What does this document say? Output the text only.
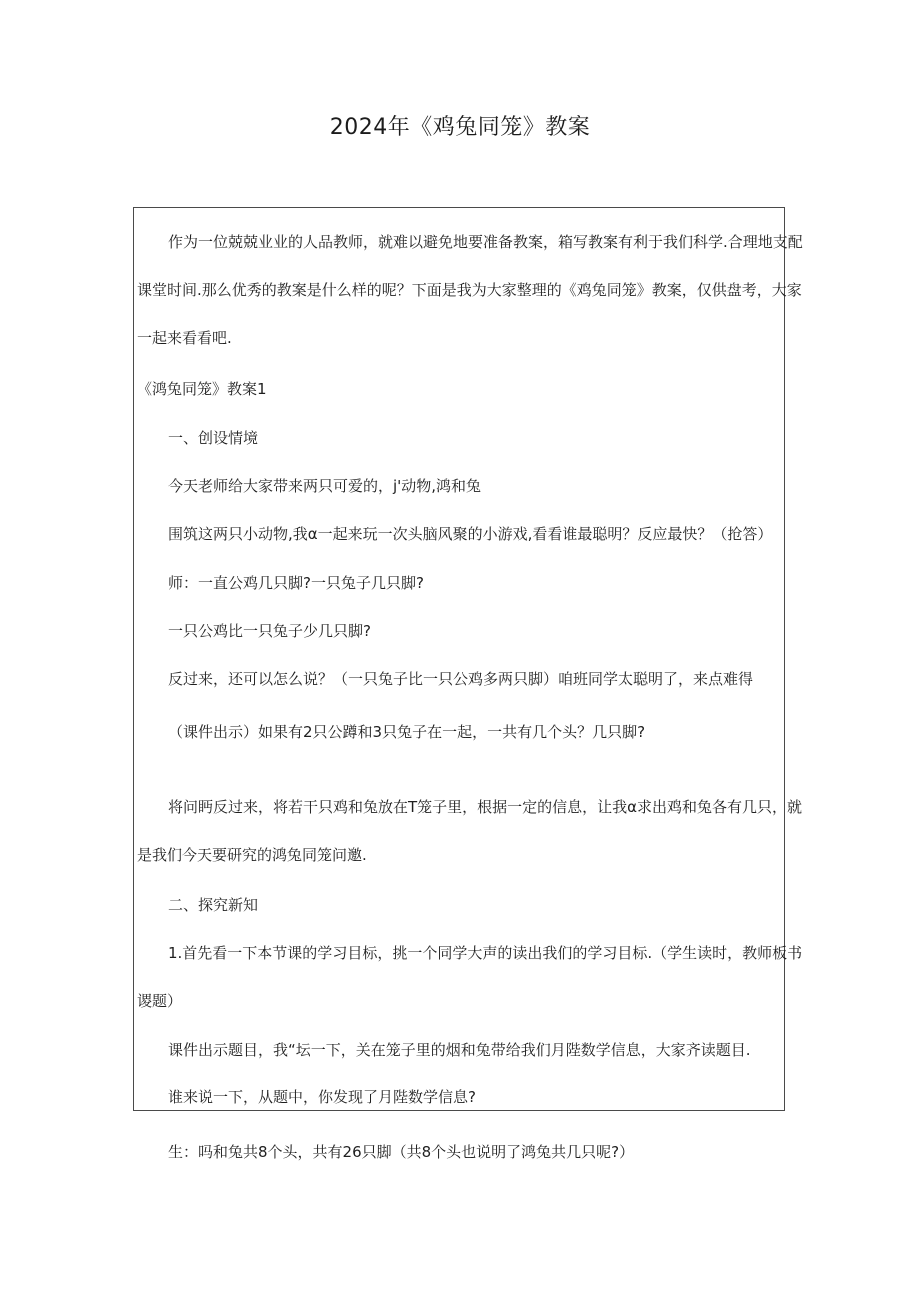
2024年《鸡兔同笼》教案
作为一位兢兢业业的人品教师，就难以避免地要准备教案，箱写教案有利于我们科学.合理地支配
课堂时间.那么优秀的教案是什么样的呢？下面是我为大家整理的《鸡兔同笼》教案，仅供盘考，大家
一起来看看吧.
《鸿兔同笼》教案1
一、创设情境
今天老师给大家带来两只可爱的，j'动物,鸿和兔
围筑这两只小动物,我α一起来玩一次头脑风聚的小游戏,看看谁最聪明？反应最快？（抢答）
师：一直公鸡几只脚?一只兔子几只脚?
一只公鸡比一只兔子少几只脚?
反过来，还可以怎么说？（一只兔子比一只公鸡多两只脚）咱班同学太聪明了，来点难得
（课件出示）如果有2只公蹲和3只兔子在一起，一共有几个头？几只脚?
将问眄反过来，将若干只鸡和兔放在T笼子里，根据一定的信息，让我α求出鸡和兔各有几只，就
是我们今天要研究的鸿兔同笼问邀.
二、探究新知
1.首先看一下本节课的学习目标，挑一个同学大声的读出我们的学习目标.（学生读时，教师板书
谡题）
课件出示题目，我“坛一下，关在笼子里的烟和兔带给我们月陛数学信息，大家齐读题目.
谁来说一下，从题中，你发现了月陛数学信息?
生：吗和兔共8个头，共有26只脚（共8个头也说明了鸿兔共几只呢?）
